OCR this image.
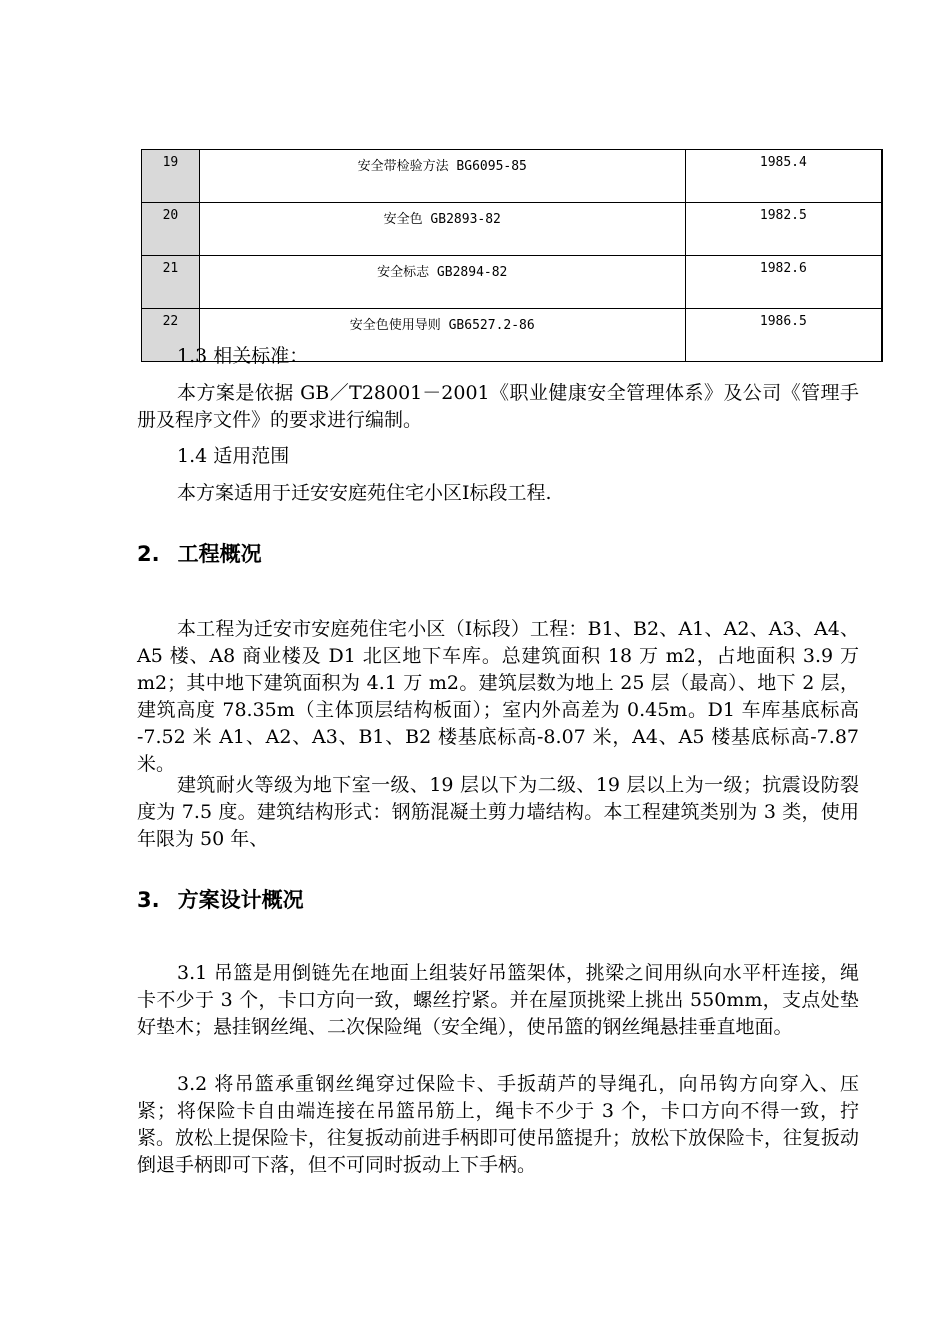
19	安全带检验方法 BG6095-85	1985.4
20	安全色 GB2893-82	1982.5
21	安全标志 GB2894-82	1982.6
22	安全色使用导则 GB6527.2-86	1986.5
1.3 相关标准：
本方案是依据 GB／T28001－2001《职业健康安全管理体系》及公司《管理手册及程序文件》的要求进行编制。
1.4 适用范围
本方案适用于迁安安庭苑住宅小区Ⅰ标段工程.
2. 工程概况
本工程为迁安市安庭苑住宅小区（Ⅰ标段）工程：B1、B2、A1、A2、A3、A4、A5 楼、A8 商业楼及 D1 北区地下车库。总建筑面积 18 万 m2，占地面积 3.9 万 m2；其中地下建筑面积为 4.1 万 m2。建筑层数为地上 25 层（最高）、地下 2 层，建筑高度 78.35m（主体顶层结构板面）；室内外高差为 0.45m。D1 车库基底标高 -7.52 米 A1、A2、A3、B1、B2 楼基底标高-8.07 米，A4、A5 楼基底标高-7.87 米。
建筑耐火等级为地下室一级、19 层以下为二级、19 层以上为一级；抗震设防裂度为 7.5 度。建筑结构形式：钢筋混凝土剪力墙结构。本工程建筑类别为 3 类，使用年限为 50 年、
3. 方案设计概况
3.1 吊篮是用倒链先在地面上组装好吊篮架体，挑梁之间用纵向水平杆连接，绳卡不少于 3 个，卡口方向一致，螺丝拧紧。并在屋顶挑梁上挑出 550mm，支点处垫好垫木；悬挂钢丝绳、二次保险绳（安全绳），使吊篮的钢丝绳悬挂垂直地面。
3.2 将吊篮承重钢丝绳穿过保险卡、手扳葫芦的导绳孔，向吊钩方向穿入、压紧；将保险卡自由端连接在吊篮吊筋上，绳卡不少于 3 个，卡口方向不得一致，拧紧。放松上提保险卡，往复扳动前进手柄即可使吊篮提升；放松下放保险卡，往复扳动倒退手柄即可下落，但不可同时扳动上下手柄。
